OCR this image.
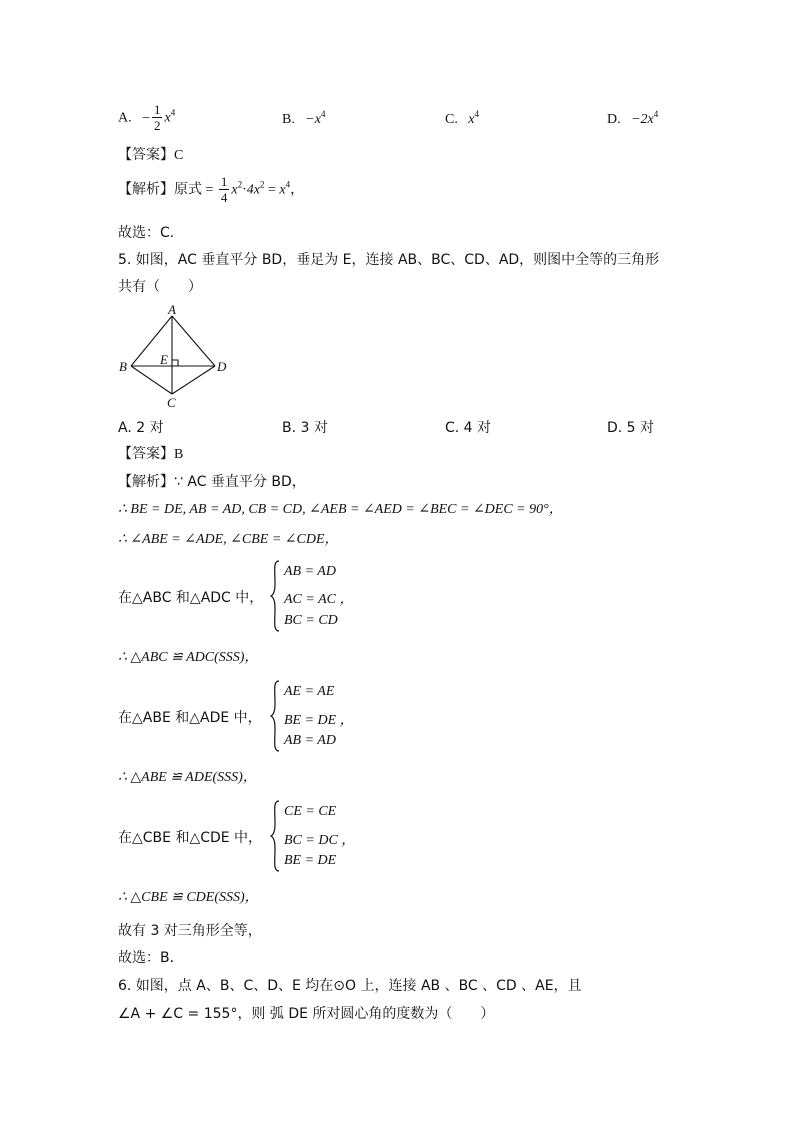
A. − $\frac{1}{2} x^4$	B. $-x^4$	C. $x^4$	D. $-2x^4$
【答案】C
【解析】原式 = $\frac{1}{4} x^2\cdot 4x^2 = x^4$，
故选：C.
5. 如图，AC 垂直平分 BD，垂足为 E，连接 AB、BC、CD、AD，则图中全等的三角形
共有（　　）
A
B	D
C
E
A. 2 对	B. 3 对	C. 4 对	D. 5 对
【答案】B
【解析】∵ AC 垂直平分 BD，
∴ BE = DE, AB = AD, CB = CD, ∠AEB = ∠AED = ∠BEC = ∠DEC = 90°，
∴ ∠ABE = ∠ADE, ∠CBE = ∠CDE，
在△ABC 和△ADC 中，
AB = AD
AC = AC ，
BC = CD
∴ △ABC ≌ ADC(SSS)，
在△ABE 和△ADE 中，
AE = AE
BE = DE ，
AB = AD
∴ △ABE ≌ ADE(SSS)，
在△CBE 和△CDE 中，
CE = CE
BC = DC ，
BE = DE
∴ △CBE ≌ CDE(SSS)，
故有 3 对三角形全等，
故选：B．
6. 如图，点 A、B、C、D、E 均在⊙O 上，连接 AB 、BC 、CD 、AE，且
∠A + ∠C = 155°，则 弧 DE 所对圆心角的度数为（　　）
